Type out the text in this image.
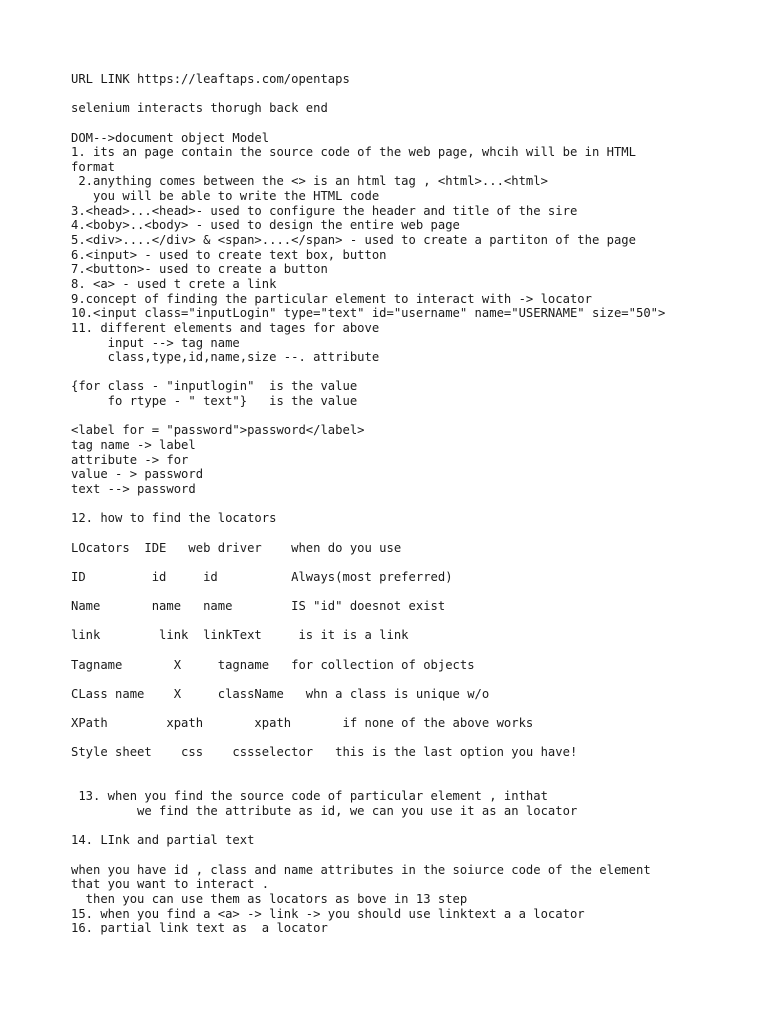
URL LINK https://leaftaps.com/opentaps
selenium interacts thorugh back end
DOM-->document object Model
1. its an page contain the source code of the web page, whcih will be in HTML
format
2.anything comes between the <> is an html tag , <html>...<html>
you will be able to write the HTML code
3.<head>...<head>- used to configure the header and title of the sire
4.<boby>..<body> - used to design the entire web page
5.<div>....</div> & <span>....</span> - used to create a partiton of the page
6.<input> - used to create text box, button
7.<button>- used to create a button
8. <a> - used t crete a link
9.concept of finding the particular element to interact with -> locator
10.<input class="inputLogin" type="text" id="username" name="USERNAME" size="50">
11. different elements and tages for above
input --> tag name
class,type,id,name,size --. attribute
{for class - "inputlogin"  is the value
fo rtype - " text"}   is the value
<label for = "password">password</label>
tag name -> label
attribute -> for
value - > password
text --> password
12. how to find the locators
LOcators  IDE   web driver    when do you use
ID         id     id          Always(most preferred)
Name       name   name        IS "id" doesnot exist
link        link  linkText     is it is a link
Tagname       X     tagname   for collection of objects
CLass name    X     className   whn a class is unique w/o
XPath        xpath       xpath       if none of the above works
Style sheet    css    cssselector   this is the last option you have!
13. when you find the source code of particular element , inthat
we find the attribute as id, we can you use it as an locator
14. LInk and partial text
when you have id , class and name attributes in the soiurce code of the element
that you want to interact .
then you can use them as locators as bove in 13 step
15. when you find a <a> -> link -> you should use linktext a a locator
16. partial link text as  a locator
